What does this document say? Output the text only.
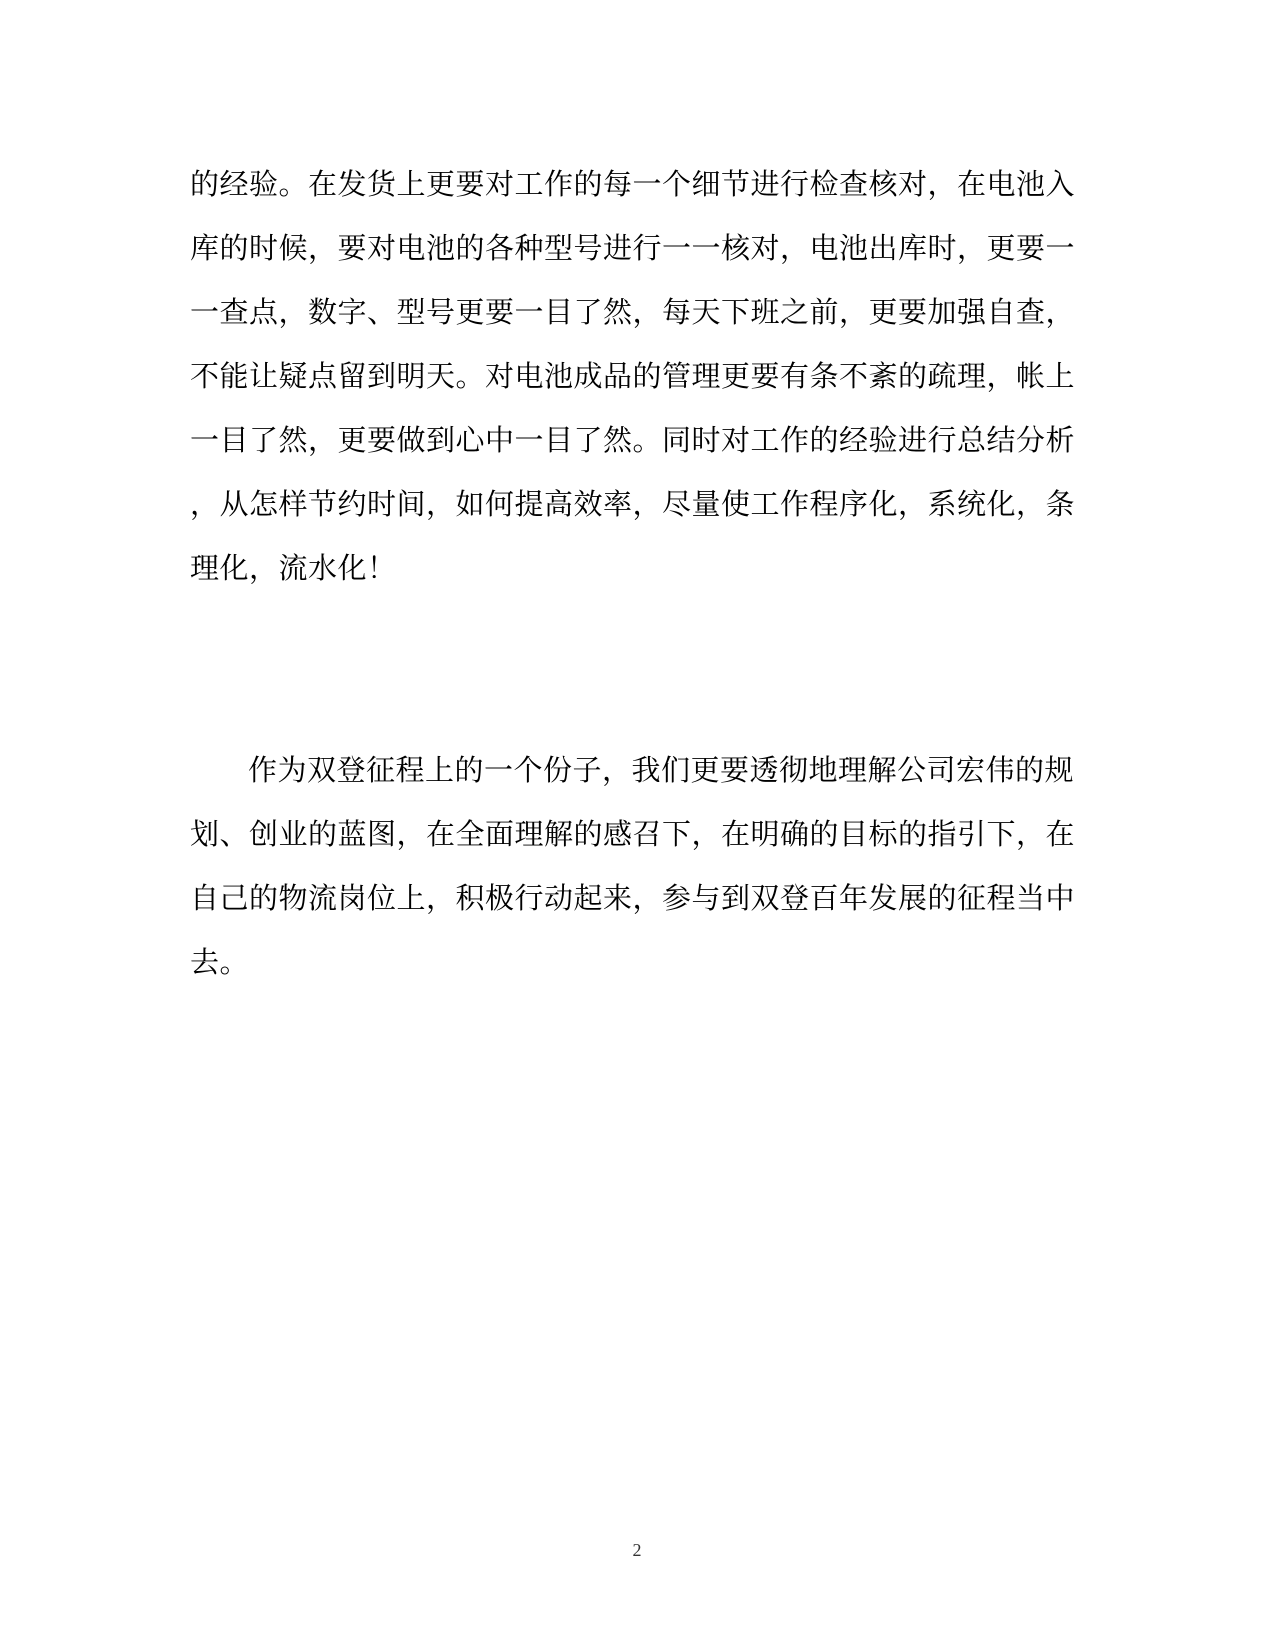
的经验。在发货上更要对工作的每一个细节进行检查核对，在电池入
库的时候，要对电池的各种型号进行一一核对，电池出库时，更要一
一查点，数字、型号更要一目了然，每天下班之前，更要加强自查，
不能让疑点留到明天。对电池成品的管理更要有条不紊的疏理，帐上
一目了然，更要做到心中一目了然。同时对工作的经验进行总结分析
，从怎样节约时间，如何提高效率，尽量使工作程序化，系统化，条
理化，流水化！
作为双登征程上的一个份子，我们更要透彻地理解公司宏伟的规
划、创业的蓝图，在全面理解的感召下，在明确的目标的指引下，在
自己的物流岗位上，积极行动起来，参与到双登百年发展的征程当中
去。
2
